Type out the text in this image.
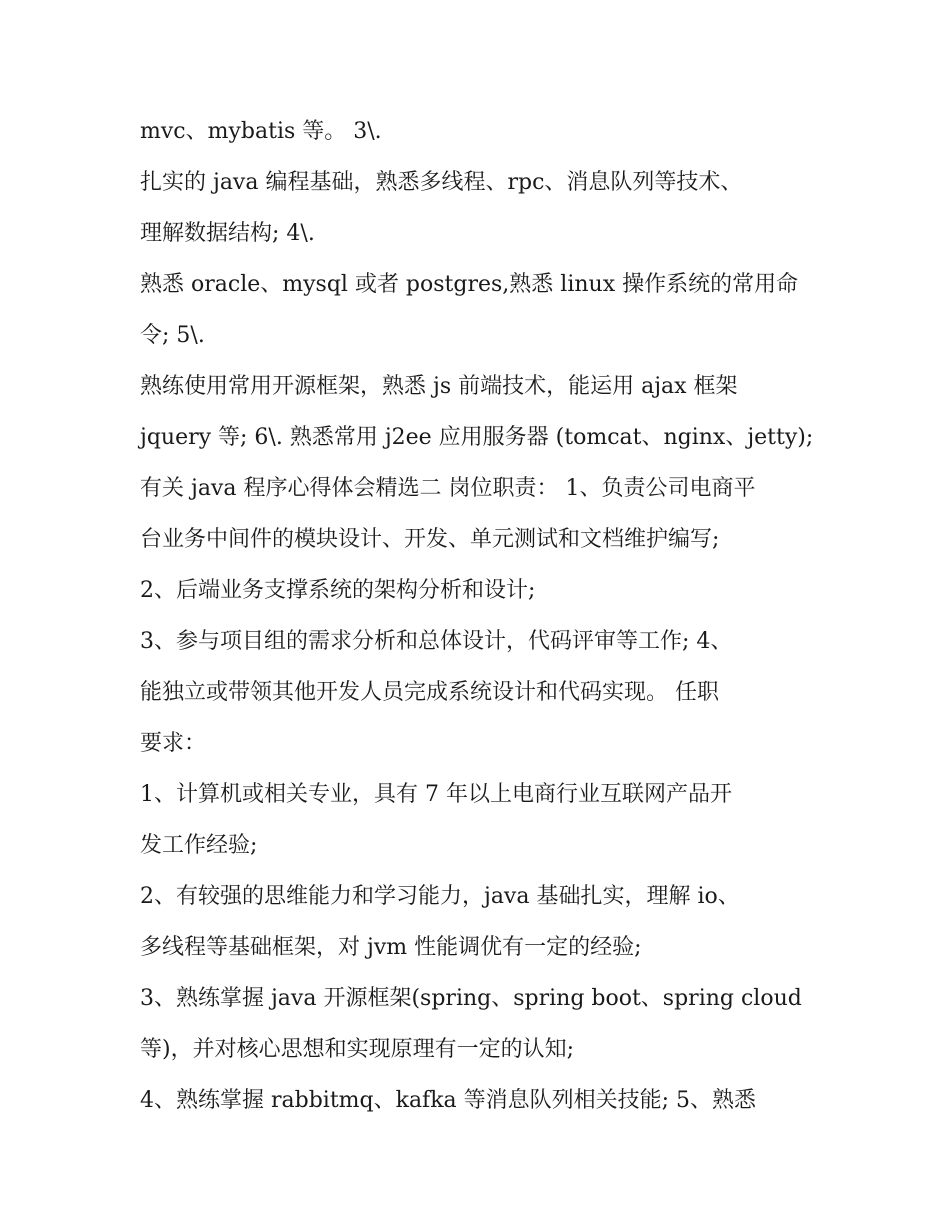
mvc、mybatis 等。 3\.
扎实的 java 编程基础，熟悉多线程、rpc、消息队列等技术、
理解数据结构; 4\.
熟悉 oracle、mysql 或者 postgres,熟悉 linux 操作系统的常用命
令; 5\.
熟练使用常用开源框架，熟悉 js 前端技术，能运用 ajax 框架
jquery 等; 6\. 熟悉常用 j2ee 应用服务器 (tomcat、nginx、jetty);
有关 java 程序心得体会精选二 岗位职责： 1、负责公司电商平
台业务中间件的模块设计、开发、单元测试和文档维护编写;
2、后端业务支撑系统的架构分析和设计;
3、参与项目组的需求分析和总体设计，代码评审等工作; 4、
能独立或带领其他开发人员完成系统设计和代码实现。 任职
要求：
1、计算机或相关专业，具有 7 年以上电商行业互联网产品开
发工作经验;
2、有较强的思维能力和学习能力，java 基础扎实，理解 io、
多线程等基础框架，对 jvm 性能调优有一定的经验;
3、熟练掌握 java 开源框架(spring、spring boot、spring cloud
等)，并对核心思想和实现原理有一定的认知;
4、熟练掌握 rabbitmq、kafka 等消息队列相关技能; 5、熟悉
